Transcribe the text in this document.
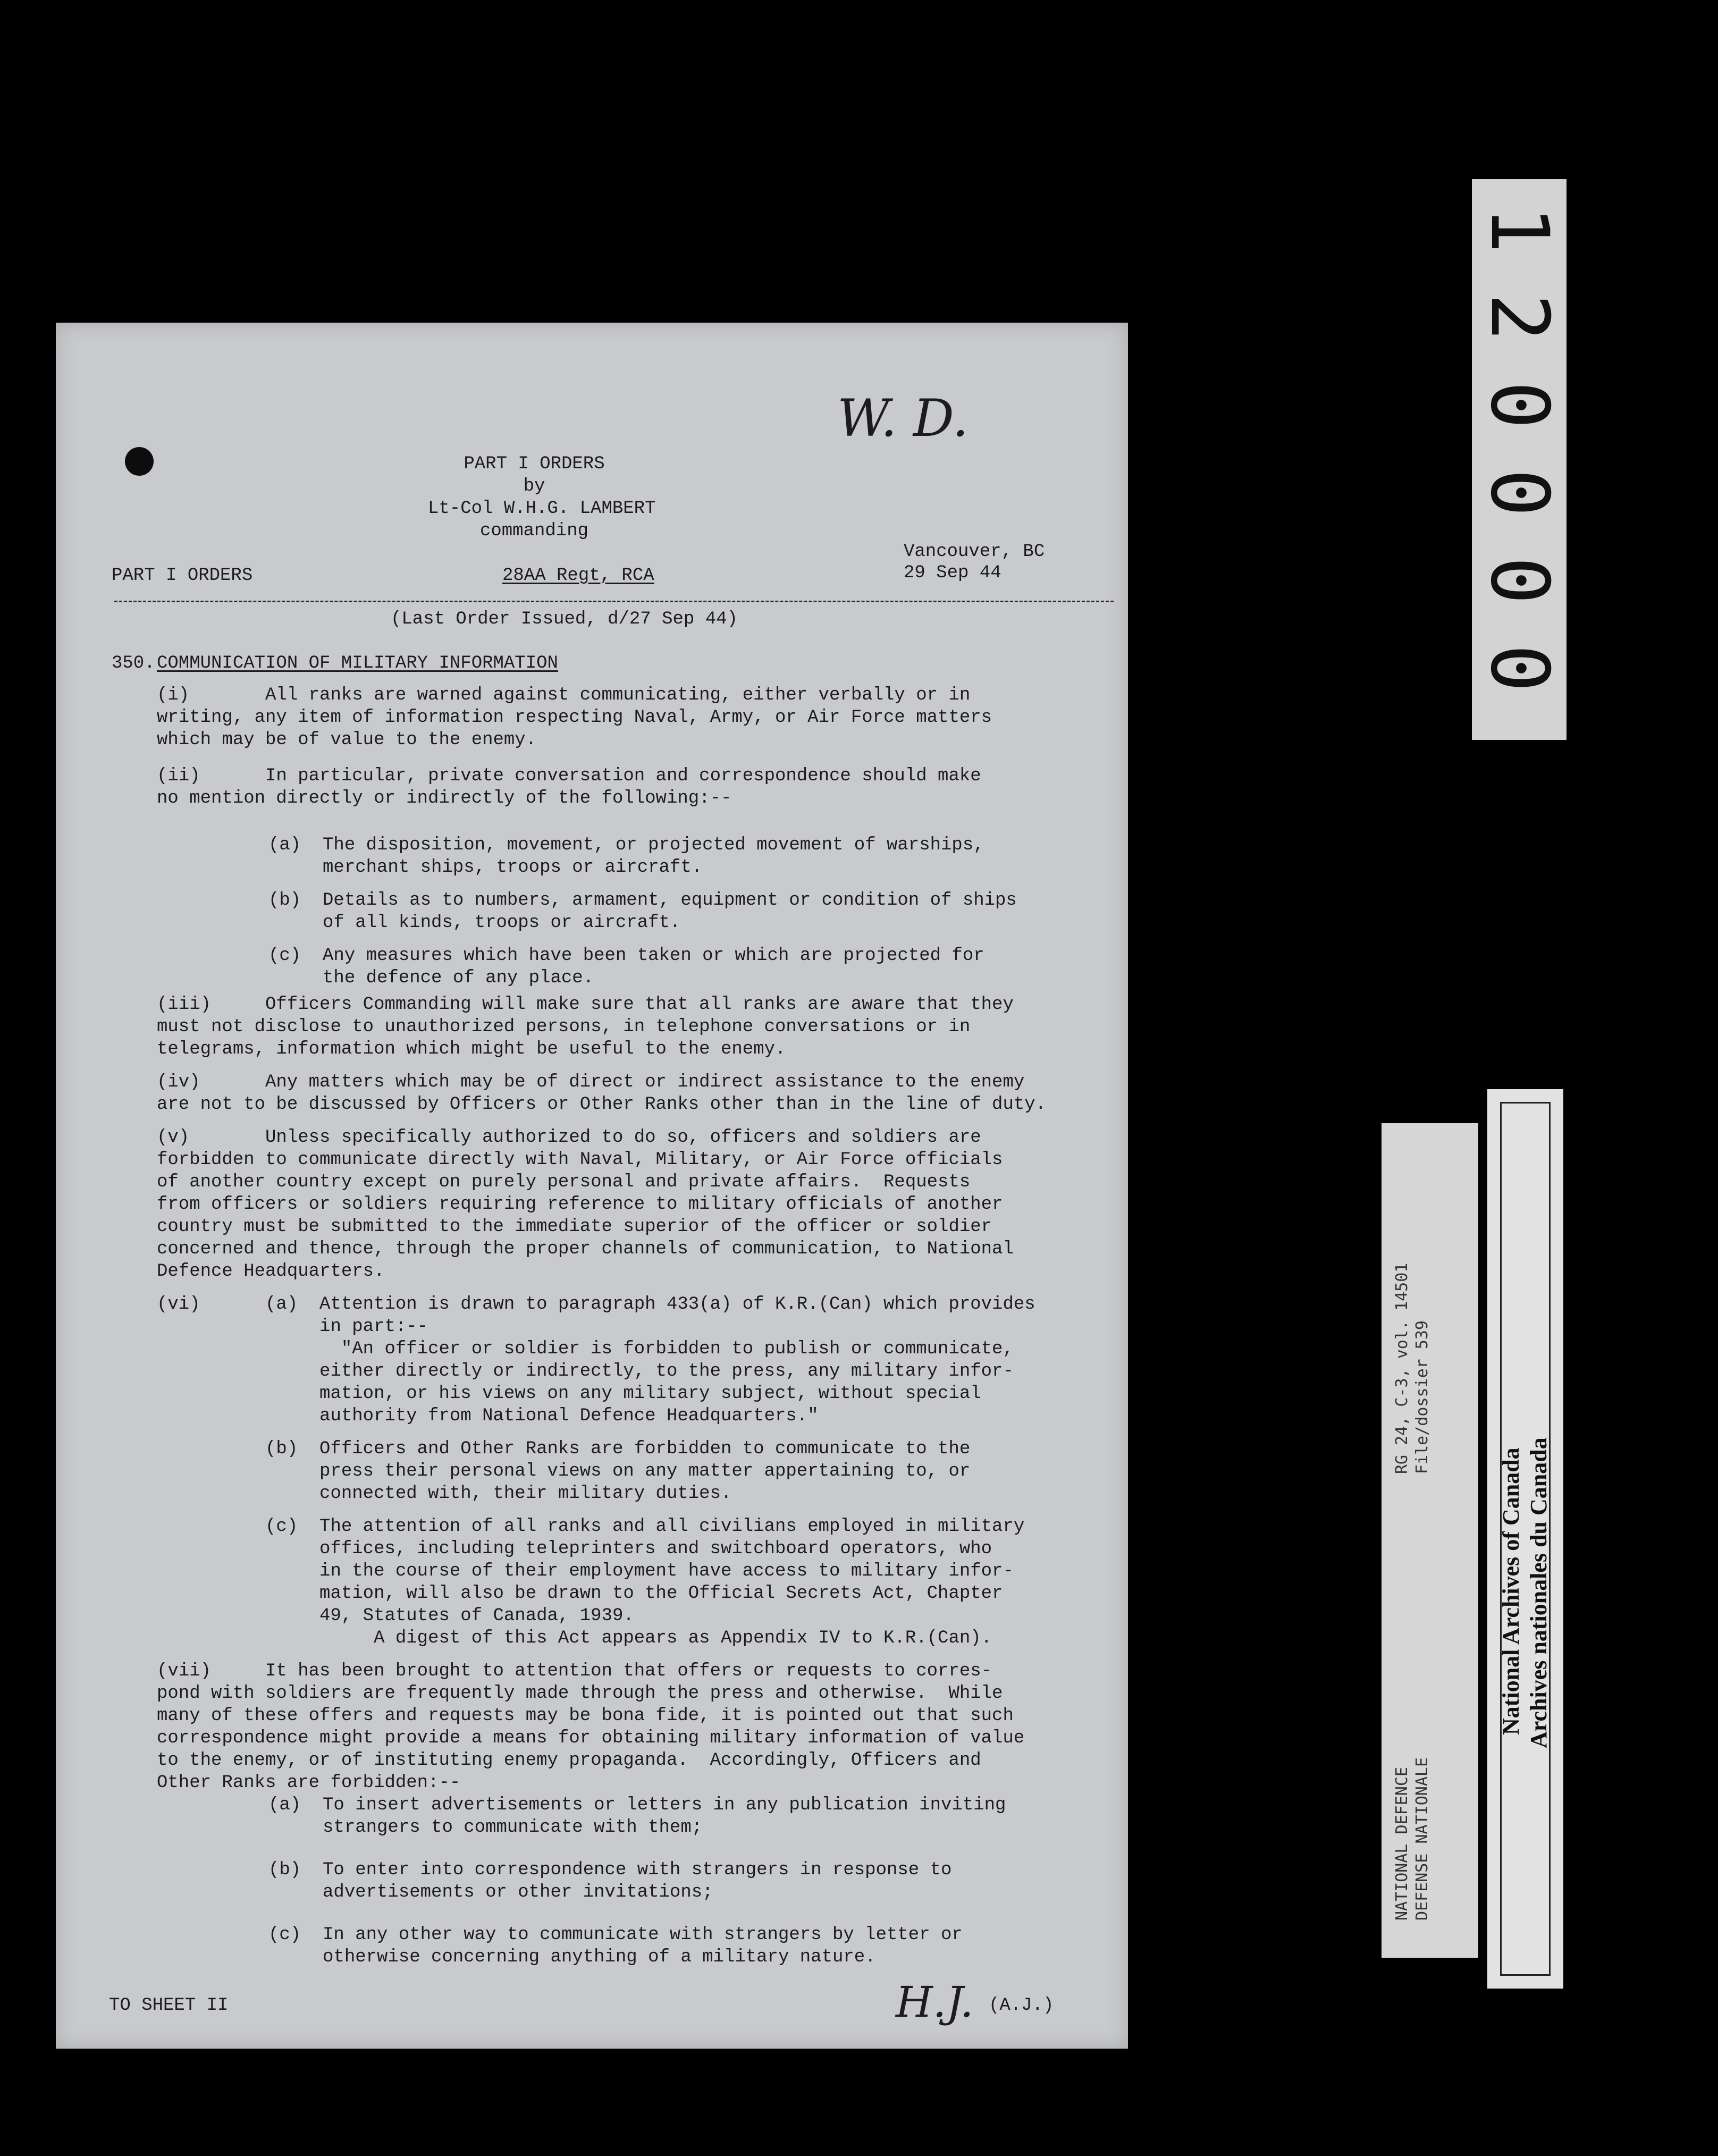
W. D.
PART I ORDERS
by
Lt-Col W.H.G. LAMBERT
commanding
Vancouver, BC
PART I ORDERS	28AA Regt, RCA	29 Sep 44
(Last Order Issued, d/27 Sep 44)
350. COMMUNICATION OF MILITARY INFORMATION
(i)       All ranks are warned against communicating, either verbally or in
writing, any item of information respecting Naval, Army, or Air Force matters
which may be of value to the enemy.
(ii)      In particular, private conversation and correspondence should make
no mention directly or indirectly of the following:--
(a)  The disposition, movement, or projected movement of warships,
merchant ships, troops or aircraft.
(b)  Details as to numbers, armament, equipment or condition of ships
of all kinds, troops or aircraft.
(c)  Any measures which have been taken or which are projected for
the defence of any place.
(iii)     Officers Commanding will make sure that all ranks are aware that they
must not disclose to unauthorized persons, in telephone conversations or in
telegrams, information which might be useful to the enemy.
(iv)      Any matters which may be of direct or indirect assistance to the enemy
are not to be discussed by Officers or Other Ranks other than in the line of duty.
(v)       Unless specifically authorized to do so, officers and soldiers are
forbidden to communicate directly with Naval, Military, or Air Force officials
of another country except on purely personal and private affairs.  Requests
from officers or soldiers requiring reference to military officials of another
country must be submitted to the immediate superior of the officer or soldier
concerned and thence, through the proper channels of communication, to National
Defence Headquarters.
(vi)      (a)  Attention is drawn to paragraph 433(a) of K.R.(Can) which provides
in part:--
"An officer or soldier is forbidden to publish or communicate,
either directly or indirectly, to the press, any military infor-
mation, or his views on any military subject, without special
authority from National Defence Headquarters."
(b)  Officers and Other Ranks are forbidden to communicate to the
press their personal views on any matter appertaining to, or
connected with, their military duties.
(c)  The attention of all ranks and all civilians employed in military
offices, including teleprinters and switchboard operators, who
in the course of their employment have access to military infor-
mation, will also be drawn to the Official Secrets Act, Chapter
49, Statutes of Canada, 1939.
A digest of this Act appears as Appendix IV to K.R.(Can).
(vii)     It has been brought to attention that offers or requests to corres-
pond with soldiers are frequently made through the press and otherwise.  While
many of these offers and requests may be bona fide, it is pointed out that such
correspondence might provide a means for obtaining military information of value
to the enemy, or of instituting enemy propaganda.  Accordingly, Officers and
Other Ranks are forbidden:--
(a)  To insert advertisements or letters in any publication inviting
strangers to communicate with them;
(b)  To enter into correspondence with strangers in response to
advertisements or other invitations;
(c)  In any other way to communicate with strangers by letter or
otherwise concerning anything of a military nature.
TO SHEET II	H.J. (A.J.)
1
2
0
0
0
0
RG 24, C-3, vol. 14501 File/dossier 539
NATIONAL DEFENCE DEFENSE NATIONALE
National Archives of Canada Archives nationales du Canada
